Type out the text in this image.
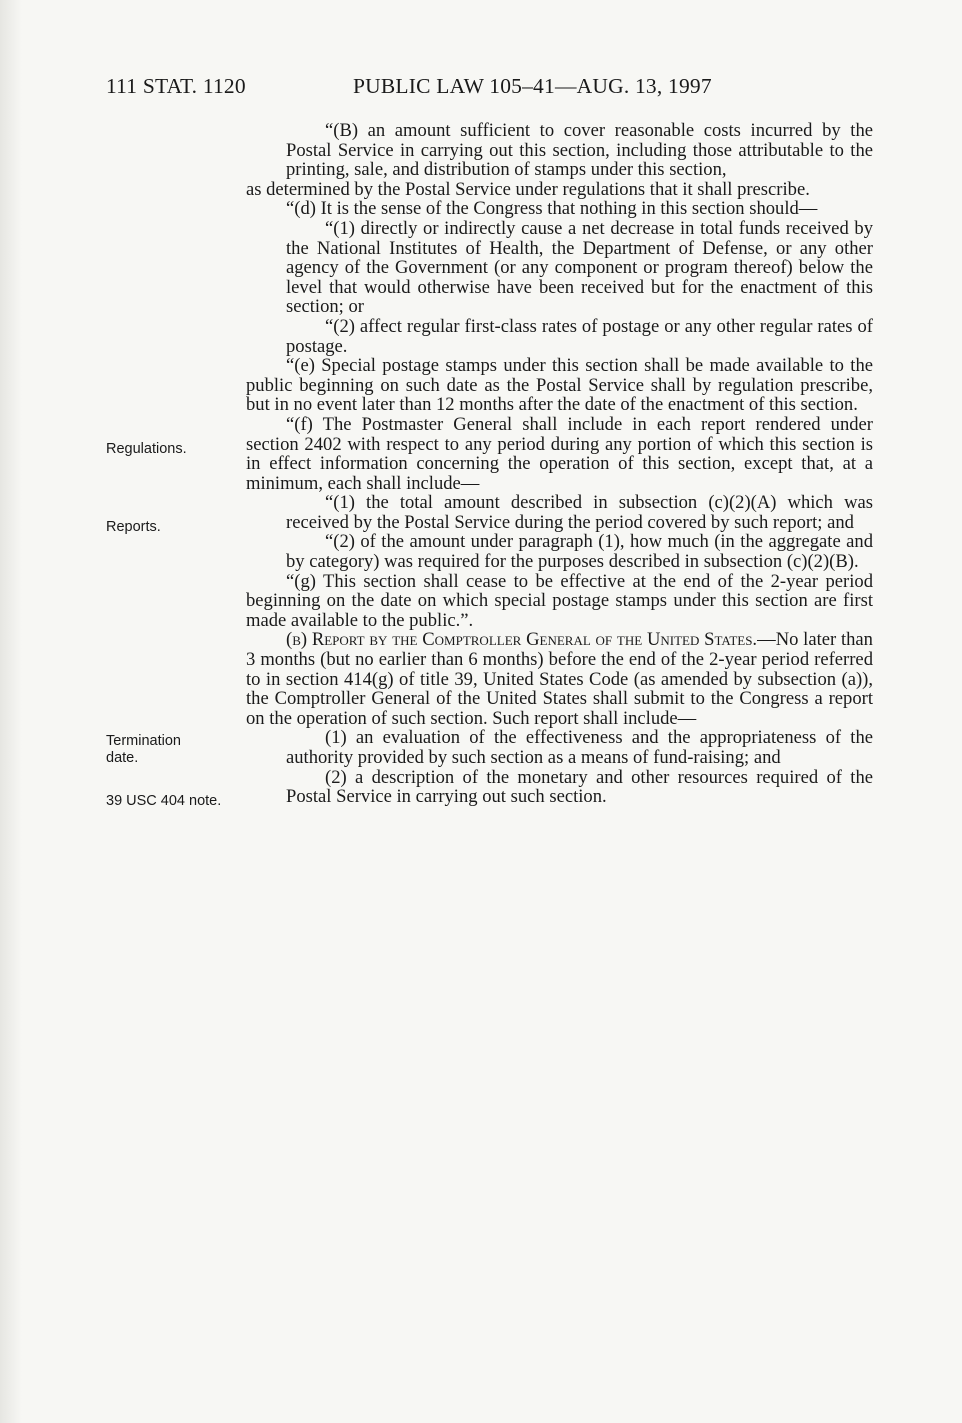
111 STAT. 1120	PUBLIC LAW 105–41—AUG. 13, 1997
Regulations.
Reports.
Termination date.
39 USC 404 note.

“(B) an amount sufficient to cover reasonable costs incurred by the Postal Service in carrying out this section, including those attributable to the printing, sale, and distribution of stamps under this section,

as determined by the Postal Service under regulations that it shall prescribe.

“(d) It is the sense of the Congress that nothing in this section should—

“(1) directly or indirectly cause a net decrease in total funds received by the National Institutes of Health, the Department of Defense, or any other agency of the Government (or any component or program thereof) below the level that would otherwise have been received but for the enactment of this section; or

“(2) affect regular first-class rates of postage or any other regular rates of postage.

“(e) Special postage stamps under this section shall be made available to the public beginning on such date as the Postal Service shall by regulation prescribe, but in no event later than 12 months after the date of the enactment of this section.

“(f) The Postmaster General shall include in each report rendered under section 2402 with respect to any period during any portion of which this section is in effect information concerning the operation of this section, except that, at a minimum, each shall include—

“(1) the total amount described in subsection (c)(2)(A) which was received by the Postal Service during the period covered by such report; and

“(2) of the amount under paragraph (1), how much (in the aggregate and by category) was required for the purposes described in subsection (c)(2)(B).

“(g) This section shall cease to be effective at the end of the 2-year period beginning on the date on which special postage stamps under this section are first made available to the public.”.

(b) Report by the Comptroller General of the United States.—No later than 3 months (but no earlier than 6 months) before the end of the 2-year period referred to in section 414(g) of title 39, United States Code (as amended by subsection (a)), the Comptroller General of the United States shall submit to the Congress a report on the operation of such section. Such report shall include—

(1) an evaluation of the effectiveness and the appropriateness of the authority provided by such section as a means of fund-raising; and

(2) a description of the monetary and other resources required of the Postal Service in carrying out such section.
